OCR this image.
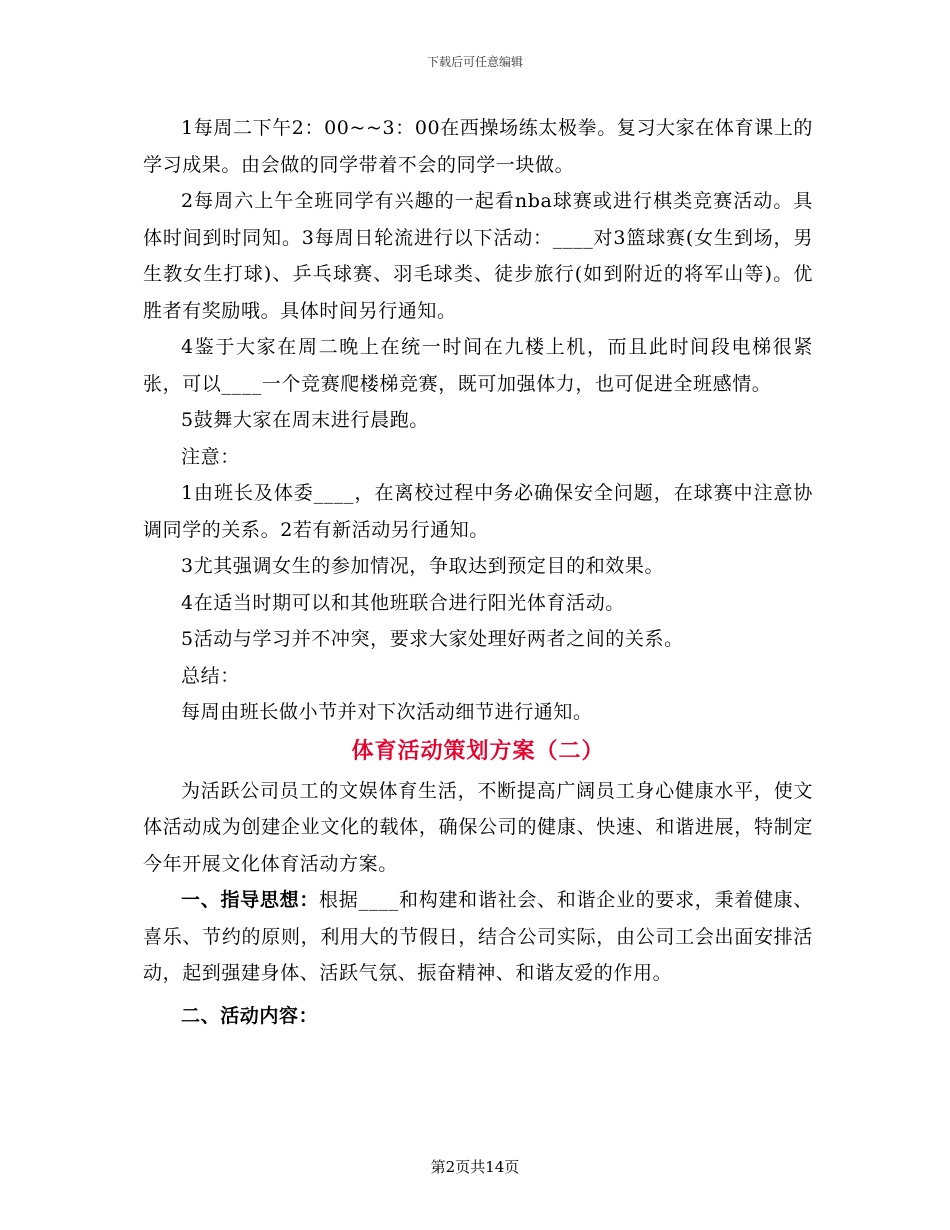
下载后可任意编辑

1每周二下午2：00~~3：00在西操场练太极拳。复习大家在体育课上的学习成果。由会做的同学带着不会的同学一块做。

2每周六上午全班同学有兴趣的一起看nba球赛或进行棋类竞赛活动。具体时间到时同知。3每周日轮流进行以下活动：____对3篮球赛(女生到场，男生教女生打球)、乒乓球赛、羽毛球类、徒步旅行(如到附近的将军山等)。优胜者有奖励哦。具体时间另行通知。

4鉴于大家在周二晚上在统一时间在九楼上机，而且此时间段电梯很紧张，可以____一个竞赛爬楼梯竞赛，既可加强体力，也可促进全班感情。

5鼓舞大家在周末进行晨跑。

注意：

1由班长及体委____，在离校过程中务必确保安全问题，在球赛中注意协调同学的关系。2若有新活动另行通知。

3尤其强调女生的参加情况，争取达到预定目的和效果。

4在适当时期可以和其他班联合进行阳光体育活动。

5活动与学习并不冲突，要求大家处理好两者之间的关系。

总结：

每周由班长做小节并对下次活动细节进行通知。

体育活动策划方案（二）

为活跃公司员工的文娱体育生活，不断提高广阔员工身心健康水平，使文体活动成为创建企业文化的载体，确保公司的健康、快速、和谐进展，特制定今年开展文化体育活动方案。

一、指导思想：根据____和构建和谐社会、和谐企业的要求，秉着健康、喜乐、节约的原则，利用大的节假日，结合公司实际，由公司工会出面安排活动，起到强建身体、活跃气氛、振奋精神、和谐友爱的作用。

二、活动内容：

第2页共14页
